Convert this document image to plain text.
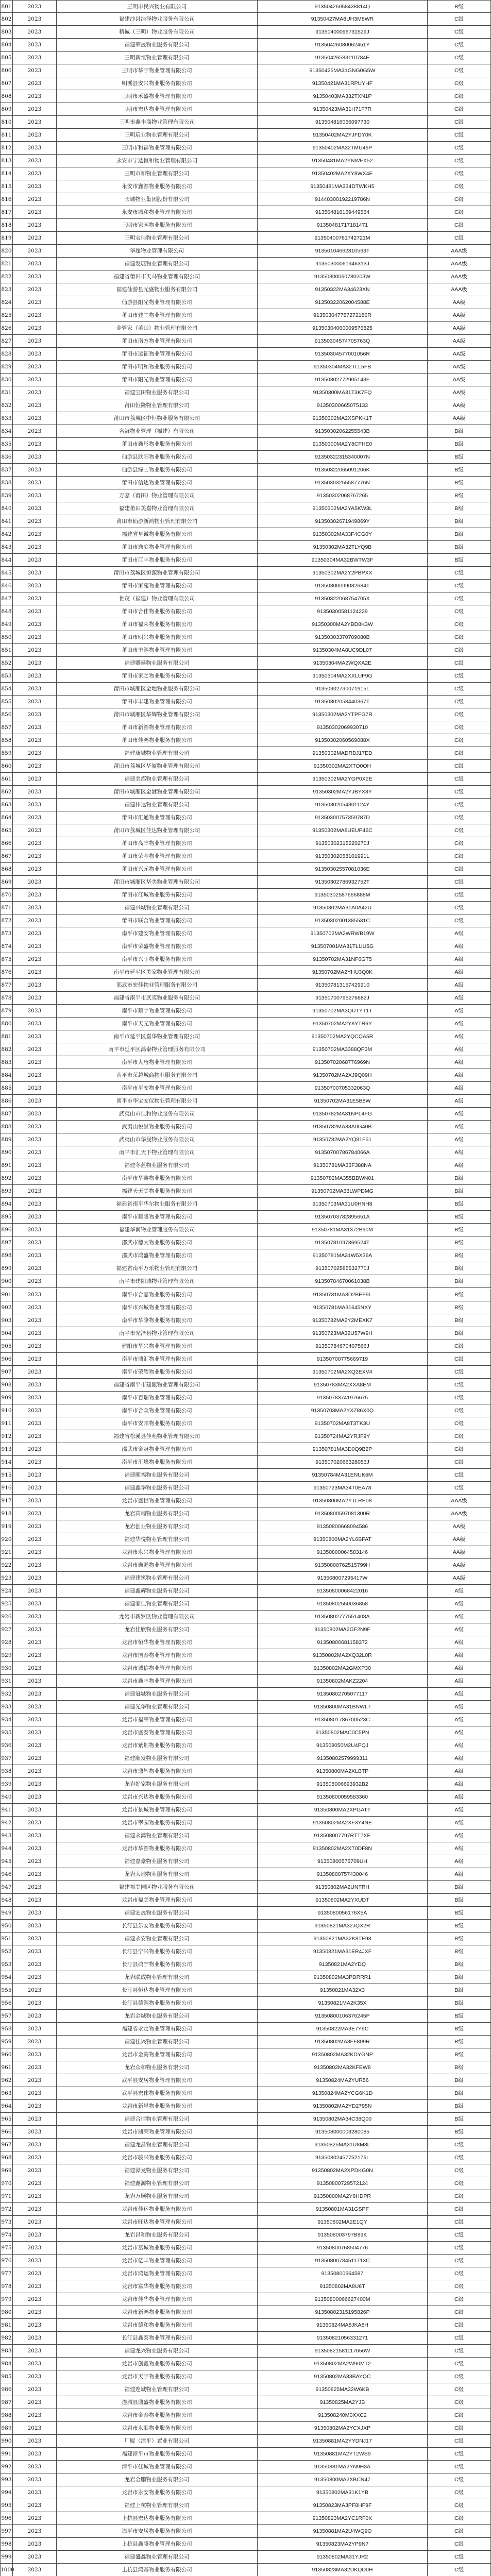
801	2023	三明市民兴物业有限公司	91350426058438814Q	B级
802	2023	福建沙县浩泽物业服务有限公司	91350427MA8UH3M8WR	C级
803	2023	精诚（三明）物业服务有限公司	91350400096731529J	C级
804	2023	福建荣晟物业服务有限公司	91350426080062451Y	C级
805	2023	三明新恒物业管理有限公司	91350426583110784E	C级
806	2023	三明市华宇物业管理有限公司	91350425MA31GNG0G5W	C级
807	2023	明溪县安兴物业服务有限公司	91350421MA31RPUYHF	C级
808	2023	三明市禾盛物业管理有限公司	91350403MA332TXN1P	C级
809	2023	三明市宏达物业管理有限公司	91350423MA31H71F7R	C级
810	2023	三明市鑫丰商物业管理有限公司	913504816066097730	C级
811	2023	三明启业物业管理有限公司	91350402MA2YJFDY0K	C级
812	2023	三明市和福物业管理有限公司	91350402MA32TMU46P	C级
813	2023	永安市宁达恒和物业管理有限公司	91350481MA2YNWFX52	C级
814	2023	三明市和物业管理有限公司	91350402MA2XY8WX4E	C级
815	2023	永安市鑫源物业服务有限公司	91350481MA334DTWKH5	C级
816	2023	长城物业集团股份有限公司	91440300192219786N	C级
817	2023	永安市城和物业管理有限公司	913504816169449564	C级
818	2023	三明市家园物业服务有限公司	91350481717181471	C级
819	2023	三明宝佳物业管理有限公司	91350400761742721M	C级
820	2023	华超物业管理有限公司	91350104662810563T	AAA级
821	2023	福建发展物业管理有限公司	91350300061946313J	AAA级
822	2023	福建省莆田市天马物业管理有限公司	91350300060780203W	AAA级
823	2023	福建仙游县元盛物业服务有限公司	91350322MA34623XN	AAA级
824	2023	仙游县阳光物业管理有限公司	91350322062004588E	AA级
825	2023	莆田市建工物业管理有限公司	913503047757272180R	AA级
826	2023	金管家（莆田）物业管理有限公司	91350304060009576825	AA级
827	2023	莆田市南方物业管理有限公司	91350304574705763Q	AA级
828	2023	莆田市远征物业管理有限公司	91350304577001056R	AA级
829	2023	莆田市明和物业服务有限公司	91350304MA32TLL5FB	AA级
830	2023	莆田市阳光物业管理有限公司	91350302772905143F	AA级
831	2023	福建宝田物业服务有限公司	91350300MA31T3K7FQ	AA级
832	2023	莆田恒隆物业管理有限公司	91350300665075133	AA级
833	2023	莆田市荔城区中恒物业服务有限公司	91350302MA2XSPKK1T	AA级
834	2023	名冠物业管理（福建）有限公司	91350302062255543B	B级
835	2023	莆田市鑫彤物业服务有限公司	91350300MA2Y8CFHE0	B级
836	2023	仙游县欣阳物业服务有限公司	91350322315340007N	B级
837	2023	仙游县绿士物业服务有限公司	91350322065091206K	B级
838	2023	莆田市信达物业管理有限公司	91350303255587776N	B级
839	2023	万嘉（莆田）物业管理有限公司	91350302068767265	B级
840	2023	福建莆田美嘉物业管理有限公司	91350302MA2YA5KW3L	B级
841	2023	莆田市仙游新鸿物业管理有限公司	91350302671949869Y	B级
842	2023	福建省星诚物业服务有限公司	91350302MA33F4CG0Y	B级
843	2023	莆田市逸庭物业管理有限公司	91350302MA32TLYQ9B	B级
844	2023	莆田市巨丰物业服务有限公司	91350304MA32BWTW3F	B级
845	2023	莆田市荔城区恒源物业管理有限公司	91350302MA2Y2PBPXX	C级
846	2023	莆田市家苑物业管理有限公司	91350300099082684T	C级
847	2023	世茂（福建）物业管理有限公司	91350322068754705X	C级
848	2023	莆田市合佳物业服务有限公司	91350300581124229	C级
849	2023	莆田市福荣物业服务有限公司	91350300MA2YBD8K3W	C级
850	2023	莆田市明兴物业服务有限公司	91350303370709080B	C级
851	2023	莆田市丰源物业管理有限公司	91350304MA8UC9DL07	C级
852	2023	福建卿延物业服务有限公司	91350304MA2WQXA2E	C级
853	2023	莆田市家之物业服务有限公司	91350304MA2XXLUF9G	C级
854	2023	莆田市城厢区金地物业服务有限公司	91350302790071915L	C级
855	2023	莆田市丰建物业管理有限公司	91350302058440367T	C级
856	2023	莆田市城厢区华辉物业管理有限公司	91350302MA2YTPFG7R	C级
857	2023	莆田市新源物业管理有限公司	91350302069930710	C级
858	2023	莆田市佳鸿物业服务有限公司	91350302060569088X	C级
859	2023	福建康城物业管理有限公司	91350302MADRBJ17ED	C级
860	2023	莆田市荔城区华厦物业管理有限公司	91350302MA2XTO0OH	C级
861	2023	福建美都物业管理有限公司	91350302MA2YGP0X2E	C级
862	2023	莆田市城厢区金港物业管理有限公司	91350302MA2YJBYX3Y	C级
863	2023	福建伟达物业管理有限公司	91350302054301124Y	C级
864	2023	莆田市汇通物业管理有限公司	91350300757359787D	C级
865	2023	莆田市荔城区佳达物业管理有限公司	91350302MA8UEUP46C	C级
866	2023	莆田市高丰物业管理有限公司	91350302315220270J	C级
867	2023	莆田市荣金物业管理有限公司	91350302058101991L	C级
868	2023	莆田市兴元物业管理有限公司	91350302557081036E	C级
869	2023	莆田市城厢区华美物业管理有限公司	91350302786932752T	C级
870	2023	莆田市江城物业服务有限公司	91350302587666888M	C级
871	2023	福建兴城物业管理有限公司	91350302MA31A0A42U	C级
872	2023	莆田市联合物业管理有限公司	91350302001385531C	C级
873	2023	南平市建安物业管理有限公司	91350702MA2WRWB19W	A级
874	2023	南平市荣盛物业管理有限公司	913507001MA31TLUU5G	A级
875	2023	南平市兴旺物业服务有限公司	91350702MA31NF6GT5	A级
876	2023	南平市延平区美家物业管理有限公司	91350702MA2YHU3Q0K	A级
877	2023	邵武市宏佳物业管理服务有限公司	913507813157429910	A级
878	2023	福建省南平市武夷物业服务有限公司	91350700795276682J	A级
879	2023	南平市顺宇物业管理有限公司	91350702MA3QUTYT1T	A级
880	2023	南平市天元物业管理有限公司	91350702MA2Y8YTR6Y	A级
881	2023	南平市延平区嘉华物业管理有限公司	91350702MA2YQCQA5R	A级
882	2023	南平市延平区鸿泰物业管理服务有限公司	91350702MA3388QP3M	A级
883	2023	南平市大唐物业管理有限公司	91350702068776969N	A级
884	2023	南平市荣越城商物业服务有限公司	91350702MA2XJ9Q09H	A级
885	2023	南平市平安物业管理有限公司	91350700705332063Q	A级
886	2023	南平市华宝安仪物业管理有限公司	91350702MA31E5B8W	A级
887	2023	武夷山市佳和物业服务有限公司	91350782MA31NPL4FG	A级
888	2023	武夷山悦景物业服务有限公司	91350782MA33A0G40B	A级
889	2023	武夷山市华晟物业服务有限公司	91350782MA2YQ81F51	A级
890	2023	南平市汇天下物业管理有限公司	91350700786784066A	A级
891	2023	福建冬蓝物业服务有限公司	91350781MA33F388NA	A级
892	2023	南平市华鑫物业服务有限公司	91350782MA355BBWN01	B级
893	2023	福建天天美物业服务有限公司	91350702MA33LWPDMG	B级
894	2023	福建省南平华尔物业服务有限公司	91350703MA31U0HNH8	B级
895	2023	南平市顺隆物业管理有限公司	91350703782895651A	B级
896	2023	福建华南物业管理服务有限公司	91350781MA31372B90M	B级
897	2023	邵武市德大物业服务有限公司	91350781097869524T	B级
898	2023	邵武市鸿盛物业管理有限公司	91350781MA31W5X36A	B级
899	2023	福建省南平万乐物业管理有限公司	91350702585532770J	B级
900	2023	南平市建阳城物业管理有限公司	91350784670061038B	B级
901	2023	南平市合嘉物业服务有限公司	91350781MA3D2BEF9L	B级
902	2023	南平市兴城物业管理有限公司	91350781MA31645NXY	B级
903	2023	南平市华隆物业服务有限公司	91350782MA2Y2MEXK7	B级
904	2023	南平市光泽县物业管理有限公司	91350723MA32U57W9H	B级
905	2023	建阳市华兴物业管理有限公司	91350784670407566J	C级
906	2023	南平市鼎汇物业管理有限公司	91350700775669719	C级
907	2023	南平市荣耀物业服务有限公司	91350702MA2XQ2EXV4	C级
908	2023	福建省南平市建瓯物业管理有限公司	91350783MA2XXA8EM	C级
909	2023	南平市百瑞物业管理有限公司	91350783741976675	C级
910	2023	南平市合众物业管理有限公司	91350703MA2YXZ86X0Q	C级
911	2023	南平市安邦物业服务有限公司	91350702MA8T3TK3U	C级
912	2023	福建省松溪县佳苑物业管理有限公司	91350724MA2YRJF9Y	C级
913	2023	邵武市金冠物业管理有限公司	91350781MA3D0Q9B2P	C级
914	2023	南平市汇峰物业服务有限公司	91350702066328053J	C级
915	2023	福建顺福物业服务有限公司	91350784MA31ENUK6M	C级
916	2023	福建鑫华物业服务有限公司	91350723MA34T0EA78	C级
917	2023	龙岩市盛世物业管理有限公司	91350800MA2YTLRE08	AAA级
918	2023	龙岩高端物业服务有限公司	91350800597081300R	AAA级
919	2023	龙岩创业物业服务有限公司	91350800668094586	AA级
920	2023	福建华悦物业管理有限公司	91350800MA2YL6BFAT	AA级
921	2023	龙岩市永兴物业管理有限公司	91350800064583146	AA级
922	2023	龙岩市鑫鹏物业管理有限公司	91350800762515799H	AA级
923	2023	福建建筑物业管理有限公司	913508007295417W	AA级
924	2023	福建鑫辉物业服务有限公司	91350800068422016	A级
925	2023	福建家佳物业管理有限公司	91350802550036858	A级
926	2023	龙岩市新罗区物业管理有限公司	91350802777551408A	A级
927	2023	龙岩佳欣物业服务有限公司	91350802MA2GF2N9F	A级
928	2023	龙岩市恒华物业管理有限公司	91350800681158372	A级
929	2023	龙岩市国泰物业管理有限公司	91350802MA2XQ32L0R	A级
930	2023	龙岩市诚信物业管理有限公司	91350802MA2GMXP30	A级
931	2023	龙岩市鑫丰物业管理有限公司	91350802MAKZ2204	A级
932	2023	福建冠城物业服务有限公司	91350802705077117	A级
933	2023	福建光华物业管理有限公司	91350800MA31BNWL7	A级
934	2023	龙岩市福荣物业管理有限公司	91350801786700523C	A级
935	2023	龙岩市盛泰物业管理有限公司	91350802MAC0C5PN	A级
936	2023	龙岩市紫荆物业服务有限公司	913508050M2U4PQJ	A级
937	2023	福建顺发物业服务有限公司	91350802579999311	A级
938	2023	龙岩市鼎辉物业服务有限公司	91350800MA2XLBTP	A级
939	2023	龙岩好家物业服务有限公司	913508006693932B2	A级
940	2023	龙岩市兴达物业服务有限公司	91350800059583360	A级
941	2023	龙岩市景城物业管理有限公司	91350800MA2XPGATT	A级
942	2023	龙岩市翠园物业服务有限公司	91350802MA2XF3Y4NE	A级
943	2023	福建永鸿物业管理有限公司	913508007797RTT7XE	A级
944	2023	龙岩市华源物业服务有限公司	91350802MA2XT0DF8N	A级
945	2023	福建嘉豪物业服务有限公司	91350800575709UH	A级
946	2023	龙岩大地物业服务有限公司	91350800757430046	A级
947	2023	福建福美园区物业服务有限公司	91350802MA2UNTRH	B级
948	2023	龙岩市福美物业管理有限公司	91350802MA2YXUDT	B级
949	2023	福建宏晟物业服务有限公司	9135080056176X5A	B级
950	2023	长汀县乐安物业服务有限公司	91350821MA32JQX2R	B级
951	2023	福建永安物业管理有限公司	91350821MA32K8TE98	B级
952	2023	长汀县宁兴物业服务有限公司	91350821MA31ER4JXF	B级
953	2023	长汀县鸿宁物业服务有限公司	91350821MA2YDQ	B级
954	2023	龙岩联成物业管理有限公司	91350802MA3PDRRR1	B级
955	2023	长汀县恒达物业管理有限公司	91350821MA32X3	B级
956	2023	长汀县德源物业服务有限公司	91350821MA2K35X	B级
957	2023	龙岩金城物业服务有限公司	91350800106376245P	B级
958	2023	福建省永定物业管理有限公司	91350822MA3E7Y9C	B级
959	2023	福建佳兴物业管理有限公司	91350802MA3FF809R	B级
960	2023	龙岩市金湾物业管理有限公司	91350802MA32KDYGNP	B级
961	2023	龙岩众和物业服务有限公司	91350802MA32KFEW8	B级
962	2023	武平县安居物业管理有限公司	91350824MA2YUR56	B级
963	2023	武平县宏伟物业服务有限公司	91350824MA2YCG6K1D	B级
964	2023	龙岩市新星物业服务有限公司	91350802MA2YD2795N	B级
965	2023	福建合信物业管理有限公司	91350802MA34C38Q00	B级
966	2023	龙岩市鼎荣物业管理有限公司	913508000003280085	B级
967	2023	福建龙昌物业管理有限公司	91350825MA31U8M8L	C级
968	2023	龙岩市骏兴物业服务有限公司	91350802457752176L	C级
969	2023	福建漳龙物业服务有限公司	91350802MA2XPDKG0N	C级
970	2023	福建鑫源物业管理有限公司	91350800729572124	C级
971	2023	龙岩万顺物业服务有限公司	91350800MA2Y6HDPR	C级
972	2023	龙岩市佳运物业服务有限公司	91350801MA31GSPF	C级
973	2023	龙岩市旺达物业管理有限公司	91350802MA2E1QY	C级
974	2023	龙岩昌和物业服务有限公司	913508003797B89K	C级
975	2023	龙岩市富城物业服务有限公司	91350800768504776	C级
976	2023	龙岩市亿丰物业管理有限公司	91350800784511713C	C级
977	2023	龙岩市鸿运物业管理有限公司	91350800664587	C级
978	2023	龙岩市富华物业服务有限公司	91350802MA8U6T	C级
979	2023	龙岩市佳华物业管理有限公司	91350800066627400M	C级
980	2023	龙岩市新鸿物业服务有限公司	91350802315195826P	C级
981	2023	龙岩市德和物业服务有限公司	91350824MA8JKA8H	C级
982	2023	长汀县鑫泰物业管理有限公司	91350821056331271	C级
983	2023	福建龙兴物业服务有限公司	91350821581117656W	C级
984	2023	龙岩市创鑫物业服务有限公司	91350802MA2W90MT2	C级
985	2023	龙岩市天宇物业服务有限公司	91350802MA33BAYQC	C级
986	2023	福建连城物业管理有限公司	91350825MA32W6KB	C级
987	2023	连城县鼎盛物业服务有限公司	91350825MA2YJB	C级
988	2023	龙岩市金泰物业服务有限公司	913508240M0XXC2	C级
989	2023	龙岩市永顺物业服务有限公司	91350802MA2YCXJXP	C级
990	2023	厂厦（漳平）置业有限公司	91350881MA2YYDNJ17	C级
991	2023	福建漳平市物业服务有限公司	91350881MA2YT2WS9	C级
992	2023	漳平市佳城物业管理有限公司	91350881MA2YN9H3A	C级
993	2023	龙岩金鹏物业服务有限公司	91350800MA2XBCN47	C级
994	2023	龙岩市永安物业服务有限公司	91350802MA31K1YB	C级
995	2023	福建上杭物业管理有限公司	91350823MA3PF8HF9F	C级
996	2023	上杭县宏达物业服务有限公司	91350823MA2YC1RF0K	C级
997	2023	漳平市安居物业服务有限公司	91350881MA2U4WQ9O	C级
998	2023	上杭县鑫隆物业管理有限公司	91350823MA2YP9N7	C级
999	2023	福建盛鑫物业管理有限公司	91350802MA31YJR2	C级
1000	2023	上杭县鸿基物业服务有限公司	91350823MA32UKQD0H	C级
